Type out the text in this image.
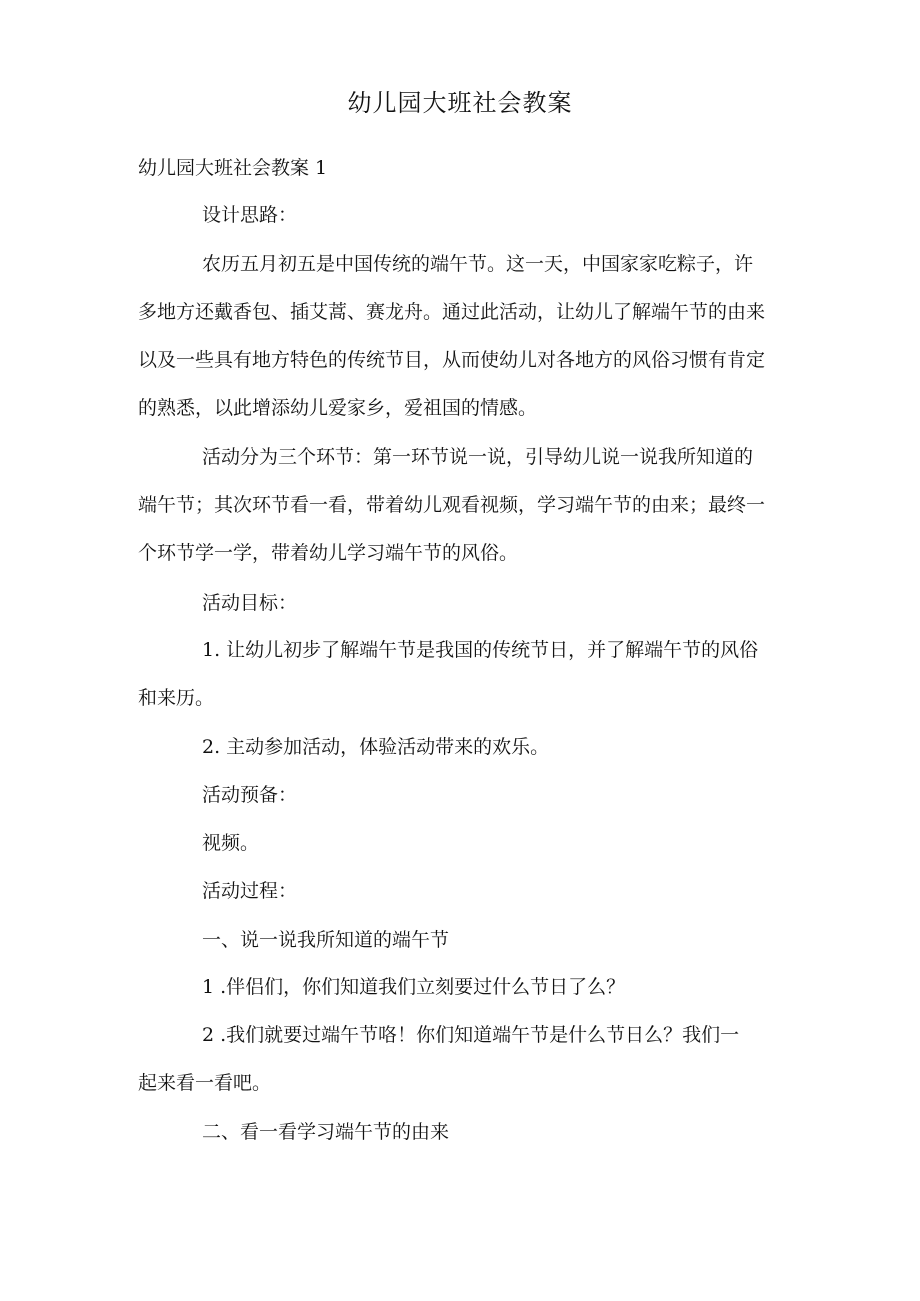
幼儿园大班社会教案
幼儿园大班社会教案 1
设计思路：
农历五月初五是中国传统的端午节。这一天，中国家家吃粽子，许
多地方还戴香包、插艾蒿、赛龙舟。通过此活动，让幼儿了解端午节的由来
以及一些具有地方特色的传统节目，从而使幼儿对各地方的风俗习惯有肯定
的熟悉，以此增添幼儿爱家乡，爱祖国的情感。
活动分为三个环节：第一环节说一说，引导幼儿说一说我所知道的
端午节；其次环节看一看，带着幼儿观看视频，学习端午节的由来；最终一
个环节学一学，带着幼儿学习端午节的风俗。
活动目标：
1. 让幼儿初步了解端午节是我国的传统节日，并了解端午节的风俗
和来历。
2. 主动参加活动，体验活动带来的欢乐。
活动预备：
视频。
活动过程：
一、说一说我所知道的端午节
1 .伴侣们，你们知道我们立刻要过什么节日了么？
2 .我们就要过端午节咯！你们知道端午节是什么节日么？我们一
起来看一看吧。
二、看一看学习端午节的由来
